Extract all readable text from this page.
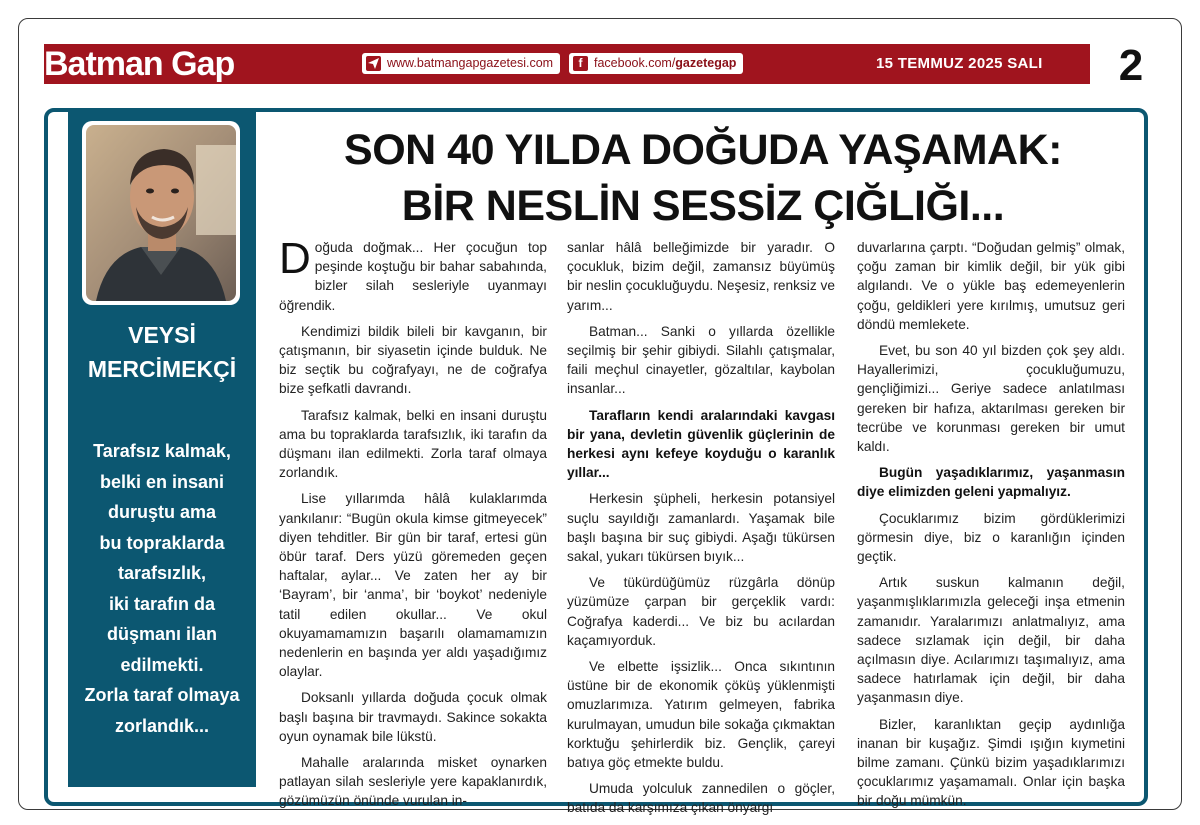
Batman Gap	www.batmangapgazetesi.com	f facebook.com/ gazetegap	15 TEMMUZ 2025 SALI	2
VEYSİ
MERCİMEKÇİ
Tarafsız kalmak,
belki en insani
duruştu ama
bu topraklarda
tarafsızlık,
iki tarafın da
düşmanı ilan
edilmekti.
Zorla taraf olmaya
zorlandık...
SON 40 YILDA DOĞUDA YAŞAMAK:
BİR NESLİN SESSİZ ÇIĞLIĞI...

Doğuda doğmak... Her çocuğun top peşinde koştuğu bir bahar sabahında, bizler silah sesleriyle uyanmayı öğrendik.

Kendimizi bildik bileli bir kavganın, bir çatışmanın, bir siyasetin içinde bulduk. Ne biz seçtik bu coğrafyayı, ne de coğrafya bize şefkatli davrandı.

Tarafsız kalmak, belki en insani duruştu ama bu topraklarda tarafsızlık, iki tarafın da düşmanı ilan edilmekti. Zorla taraf olmaya zorlandık.

Lise yıllarımda hâlâ kulaklarımda yankılanır: “Bugün okula kimse gitmeyecek” diyen tehditler. Bir gün bir taraf, ertesi gün öbür taraf. Ders yüzü göremeden geçen haftalar, aylar... Ve zaten her ay bir ‘Bayram’, bir ‘anma’, bir ‘boykot’ nedeniyle tatil edilen okullar... Ve okul okuyamamamızın başarılı olamamamızın nedenlerin en başında yer aldı yaşadığımız olaylar.

Doksanlı yıllarda doğuda çocuk olmak başlı başına bir travmaydı. Sakince sokakta oyun oynamak bile lükstü.

Mahalle aralarında misket oynarken patlayan silah sesleriyle yere kapaklanırdık, gözümüzün önünde vurulan in-

sanlar hâlâ belleğimizde bir yaradır. O çocukluk, bizim değil, zamansız büyümüş bir neslin çocukluğuydu. Neşesiz, renksiz ve yarım...

Batman... Sanki o yıllarda özellikle seçilmiş bir şehir gibiydi. Silahlı çatışmalar, faili meçhul cinayetler, gözaltılar, kaybolan insanlar...

Tarafların kendi aralarındaki kavgası bir yana, devletin güvenlik güçlerinin de herkesi aynı kefeye koyduğu o karanlık yıllar...

Herkesin şüpheli, herkesin potansiyel suçlu sayıldığı zamanlardı. Yaşamak bile başlı başına bir suç gibiydi. Aşağı tükürsen sakal, yukarı tükürsen bıyık...

Ve tükürdüğümüz rüzgârla dönüp yüzümüze çarpan bir gerçeklik vardı: Coğrafya kaderdi... Ve biz bu acılardan kaçamıyorduk.

Ve elbette işsizlik... Onca sıkıntının üstüne bir de ekonomik çöküş yüklenmişti omuzlarımıza. Yatırım gelmeyen, fabrika kurulmayan, umudun bile sokağa çıkmaktan korktuğu şehirlerdik biz. Gençlik, çareyi batıya göç etmekte buldu.

Umuda yolculuk zannedilen o göçler, batıda da karşımıza çıkan önyargı

duvarlarına çarptı. “Doğudan gelmiş” olmak, çoğu zaman bir kimlik değil, bir yük gibi algılandı. Ve o yükle baş edemeyenlerin çoğu, geldikleri yere kırılmış, umutsuz geri döndü memlekete.

Evet, bu son 40 yıl bizden çok şey aldı. Hayallerimizi, çocukluğumuzu, gençliğimizi... Geriye sadece anlatılması gereken bir hafıza, aktarılması gereken bir tecrübe ve korunması gereken bir umut kaldı.

Bugün yaşadıklarımız, yaşanmasın diye elimizden geleni yapmalıyız.

Çocuklarımız bizim gördüklerimizi görmesin diye, biz o karanlığın içinden geçtik.

Artık suskun kalmanın değil, yaşanmışlıklarımızla geleceği inşa etmenin zamanıdır. Yaralarımızı anlatmalıyız, ama sadece sızlamak için değil, bir daha açılmasın diye. Acılarımızı taşımalıyız, ama sadece hatırlamak için değil, bir daha yaşanmasın diye.

Bizler, karanlıktan geçip aydınlığa inanan bir kuşağız. Şimdi ışığın kıymetini bilme zamanı. Çünkü bizim yaşadıklarımızı çocuklarımız yaşamamalı. Onlar için başka bir doğu mümkün.
